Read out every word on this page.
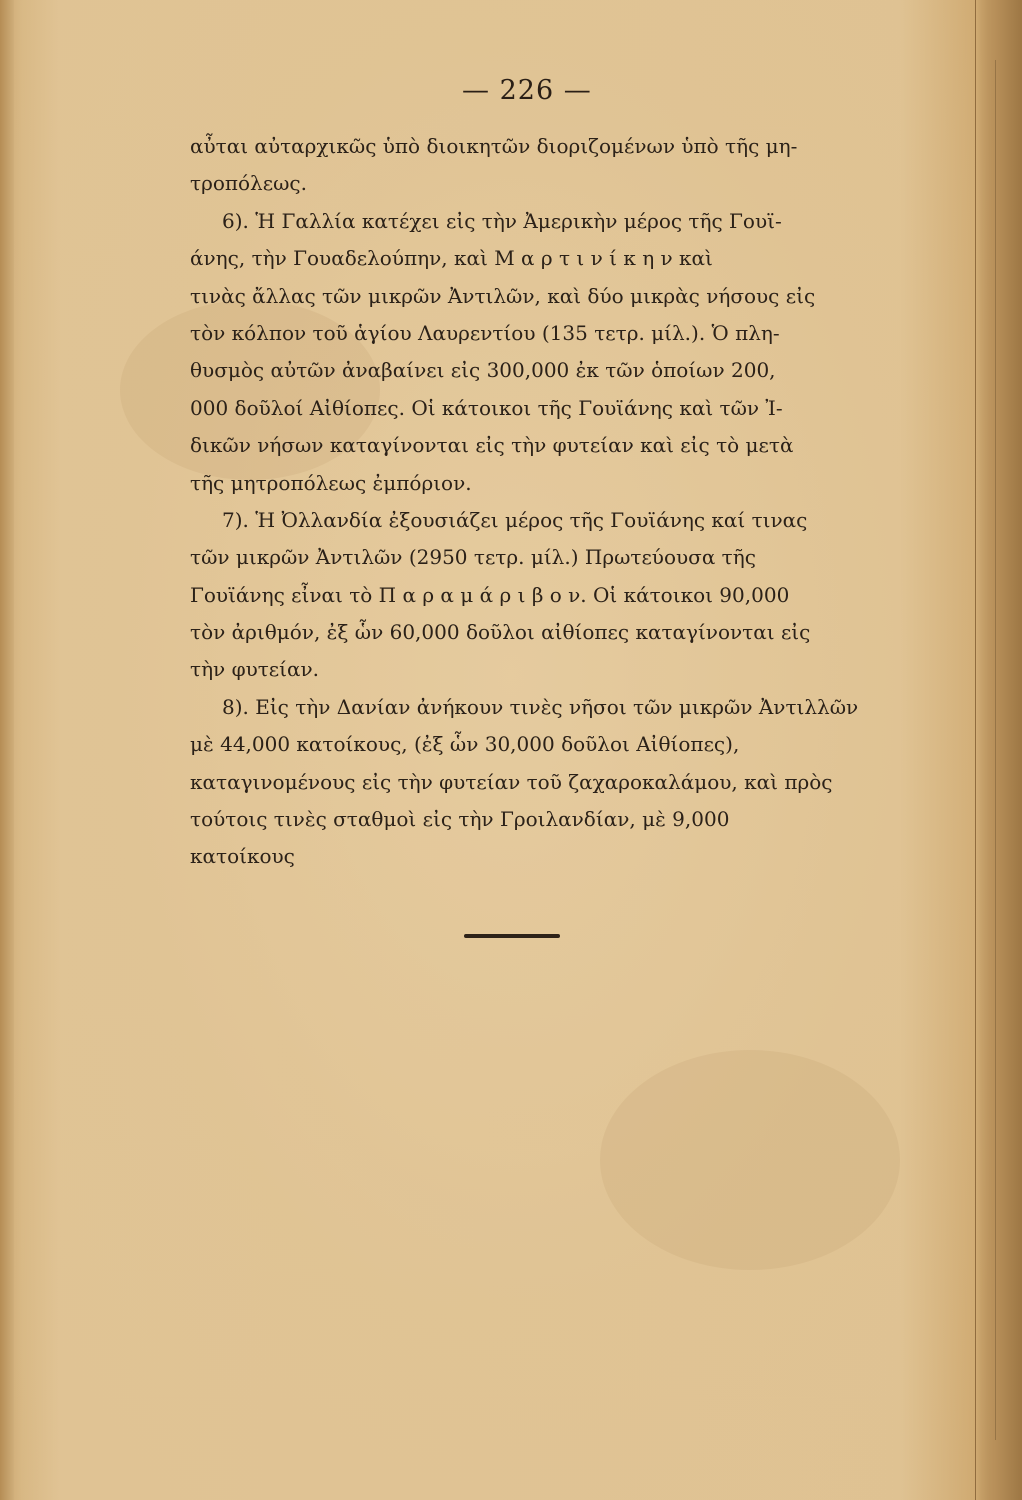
— 226 —
αὖται αὐταρχικῶς ὑπὸ διοικητῶν διοριζομένων ὑπὸ τῆς μη-
τροπόλεως.
6). Ἡ Γαλλία κατέχει εἰς τὴν Ἀμερικὴν μέρος τῆς Γουϊ-
άνης, τὴν Γουαδελούπην, καὶ Μ α ρ τ ι ν ί κ η ν καὶ
τινὰς ἄλλας τῶν μικρῶν Ἀντιλῶν, καὶ δύο μικρὰς νήσους εἰς
τὸν κόλπον τοῦ ἁγίου Λαυρεντίου (135 τετρ. μίλ.). Ὁ πλη-
θυσμὸς αὐτῶν ἀναβαίνει εἰς 300,000 ἐκ τῶν ὁποίων 200,
000 δοῦλοί Αἰθίοπες. Οἱ κάτοικοι τῆς Γουϊάνης καὶ τῶν Ἰ-
δικῶν νήσων καταγίνονται εἰς τὴν φυτείαν καὶ εἰς τὸ μετὰ
τῆς μητροπόλεως ἐμπόριον.
7). Ἡ Ὀλλανδία ἐξουσιάζει μέρος τῆς Γουϊάνης καί τινας
τῶν μικρῶν Ἀντιλῶν (2950 τετρ. μίλ.) Πρωτεύουσα τῆς
Γουϊάνης εἶναι τὸ Π α ρ α μ ά ρ ι β ο ν. Οἱ κάτοικοι 90,000
τὸν ἀριθμόν, ἐξ ὧν 60,000 δοῦλοι αἰθίοπες καταγίνονται εἰς
τὴν φυτείαν.
8). Εἰς τὴν Δανίαν ἀνήκουν τινὲς νῆσοι τῶν μικρῶν Ἀντιλλῶν
μὲ 44,000 κατοίκους, (ἐξ ὧν 30,000 δοῦλοι Αἰθίοπες),
καταγινομένους εἰς τὴν φυτείαν τοῦ ζαχαροκαλάμου, καὶ πρὸς
τούτοις τινὲς σταθμοὶ εἰς τὴν Γροιλανδίαν, μὲ 9,000
κατοίκους
